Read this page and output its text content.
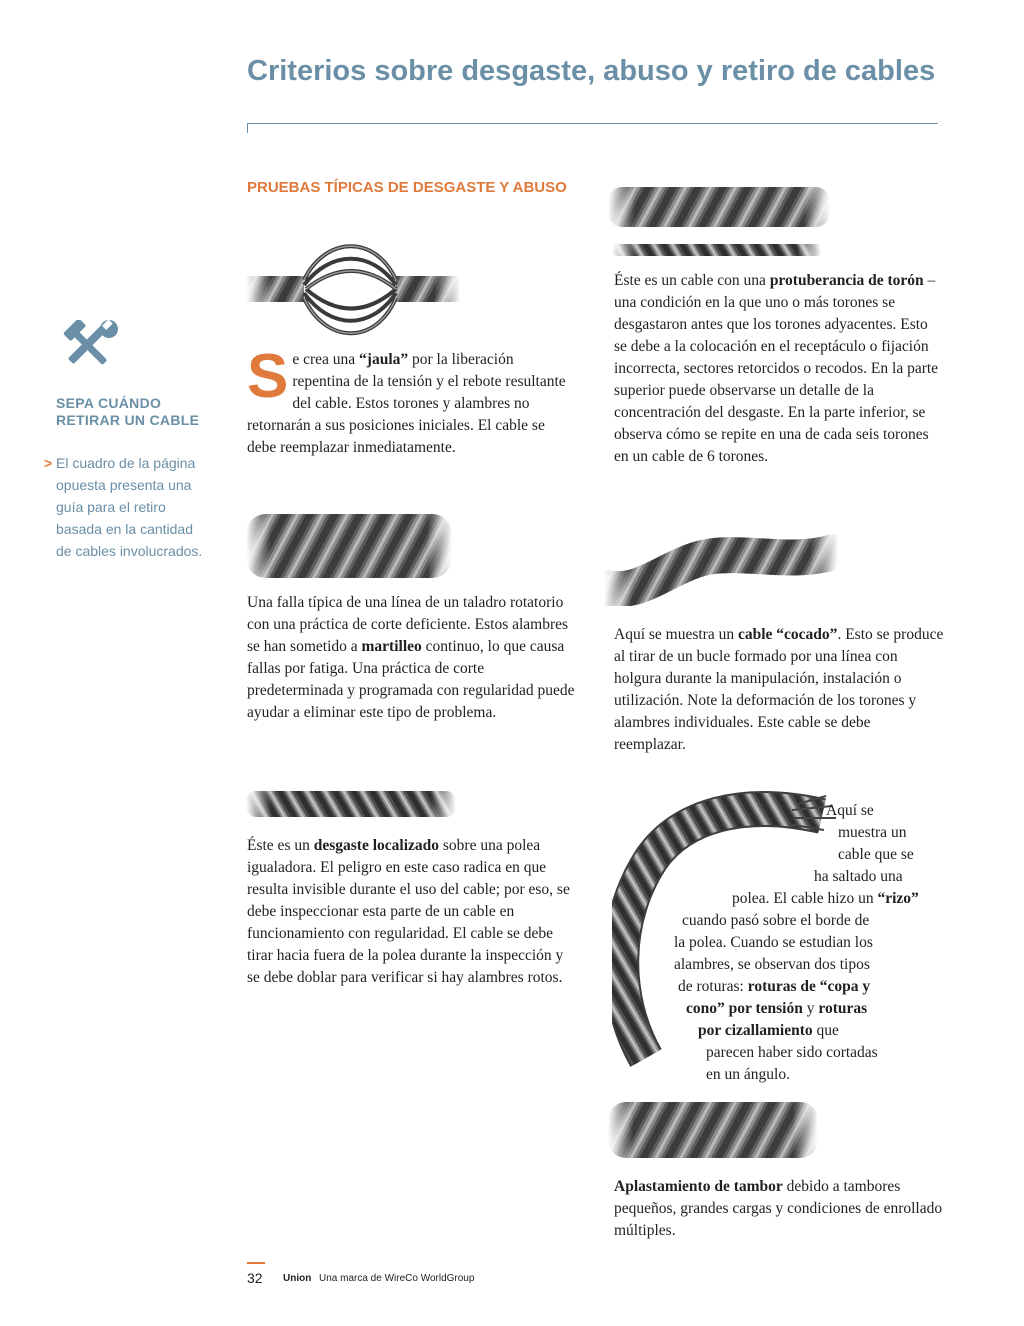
Criterios sobre desgaste, abuso y retiro de cables
PRUEBAS TÍPICAS DE DESGASTE Y ABUSO
SEPA CUÁNDO RETIRAR UN CABLE
> El cuadro de la página opuesta presenta una guía para el retiro basada en la cantidad de cables involucrados.
Se crea una “jaula” por la liberación repentina de la tensión y el rebote resultante del cable. Estos torones y alambres no retornarán a sus posiciones iniciales. El cable se debe reemplazar inmediatamente.
Una falla típica de una línea de un taladro rotatorio con una práctica de corte deficiente. Estos alambres se han sometido a martilleo continuo, lo que causa fallas por fatiga. Una práctica de corte predeterminada y programada con regularidad puede ayudar a eliminar este tipo de problema.
Éste es un desgaste localizado sobre una polea igualadora. El peligro en este caso radica en que resulta invisible durante el uso del cable; por eso, se debe inspeccionar esta parte de un cable en funcionamiento con regularidad. El cable se debe tirar hacia fuera de la polea durante la inspección y se debe doblar para verificar si hay alambres rotos.
Éste es un cable con una protuberancia de torón – una condición en la que uno o más torones se desgastaron antes que los torones adyacentes. Esto se debe a la colocación en el receptáculo o fijación incorrecta, sectores retorcidos o recodos. En la parte superior puede observarse un detalle de la concentración del desgaste. En la parte inferior, se observa cómo se repite en una de cada seis torones en un cable de 6 torones.
Aquí se muestra un cable “cocado”. Esto se produce al tirar de un bucle formado por una línea con holgura durante la manipulación, instalación o utilización. Note la deformación de los torones y alambres individuales. Este cable se debe reemplazar.
Aquí se
muestra un
cable que se
ha saltado una
polea. El cable hizo un “rizo”
cuando pasó sobre el borde de
la polea. Cuando se estudian los
alambres, se observan dos tipos
de roturas: roturas de “copa y
cono” por tensión y roturas
por cizallamiento que
parecen haber sido cortadas
en un ángulo.
Aplastamiento de tambor debido a tambores pequeños, grandes cargas y condiciones de enrollado múltiples.
32 Union Una marca de WireCo WorldGroup
